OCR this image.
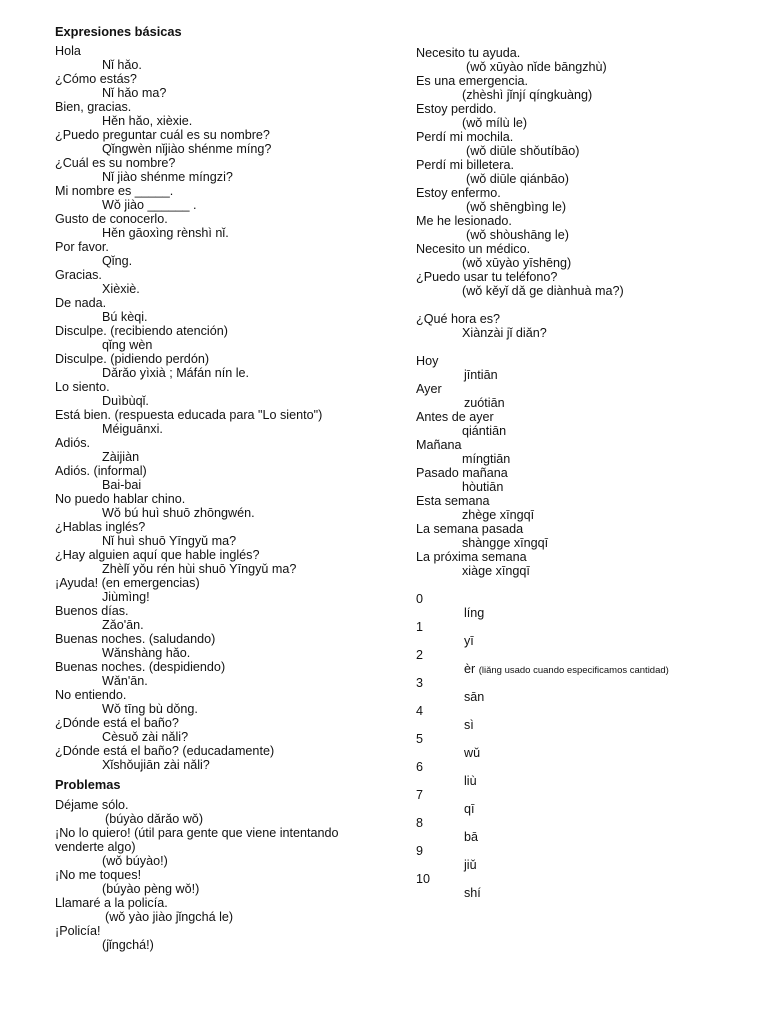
Expresiones básicas
Hola
Nǐ hǎo.
¿Cómo estás?
Nǐ hǎo ma?
Bien, gracias.
Hěn hǎo, xièxie.
¿Puedo preguntar cuál es su nombre?
Qǐngwèn nǐjiào shénme míng?
¿Cuál es su nombre?
Nǐ jiào shénme míngzi?
Mi nombre es _____.
Wǒ jiào ______ .
Gusto de conocerlo.
Hěn gāoxìng rènshì nǐ.
Por favor.
Qǐng.
Gracias.
Xièxiè.
De nada.
Bú kèqi.
Disculpe. (recibiendo atención)
qǐng wèn
Disculpe. (pidiendo perdón)
Dǎrǎo yìxià ; Máfán nín le.
Lo siento.
Duìbùqǐ.
Está bien. (respuesta educada para "Lo siento")
Méiguānxi.
Adiós.
Zàijiàn
Adiós. (informal)
Bai-bai
No puedo hablar chino.
Wǒ bú huì shuō zhōngwén.
¿Hablas inglés?
Nǐ huì shuō Yīngyǔ ma?
¿Hay alguien aquí que hable inglés?
Zhèlǐ yǒu rén hùi shuō Yīngyǔ ma?
¡Ayuda! (en emergencias)
Jiùmìng!
Buenos días.
Zǎo'ān.
Buenas noches. (saludando)
Wǎnshàng hǎo.
Buenas noches. (despidiendo)
Wǎn'ān.
No entiendo.
Wǒ tīng bù dǒng.
¿Dónde está el baño?
Cèsuǒ zài nǎli?
¿Dónde está el baño? (educadamente)
Xǐshǒujiān zài nǎli?
Problemas
Déjame sólo.
(búyào dǎrǎo wǒ)
¡No lo quiero! (útil para gente que viene intentando
venderte algo)
(wǒ búyào!)
¡No me toques!
(búyào pèng wǒ!)
Llamaré a la policía.
(wǒ yào jiào jǐngchá le)
¡Policía!
(jǐngchá!)
Necesito tu ayuda.
(wǒ xūyào nǐde bāngzhù)
Es una emergencia.
(zhèshì jǐnjí qíngkuàng)
Estoy perdido.
(wǒ mílù le)
Perdí mi mochila.
(wǒ diūle shǒutíbāo)
Perdí mi billetera.
(wǒ diūle qiánbāo)
Estoy enfermo.
(wǒ shēngbìng le)
Me he lesionado.
(wǒ shòushāng le)
Necesito un médico.
(wǒ xūyào yīshēng)
¿Puedo usar tu teléfono?
(wǒ kěyǐ dǎ ge diànhuà ma?)
¿Qué hora es?
Xiànzài jǐ diǎn?
Hoy
jīntiān
Ayer
zuótiān
Antes de ayer
qiántiān
Mañana
míngtiān
Pasado mañana
hòutiān
Esta semana
zhège xīngqī
La semana pasada
shàngge xīngqī
La próxima semana
xiàge xīngqī
0
líng
1
yī
2
èr (liǎng usado cuando especificamos cantidad)
3
sān
4
sì
5
wǔ
6
liù
7
qī
8
bā
9
jiǔ
10
shí
